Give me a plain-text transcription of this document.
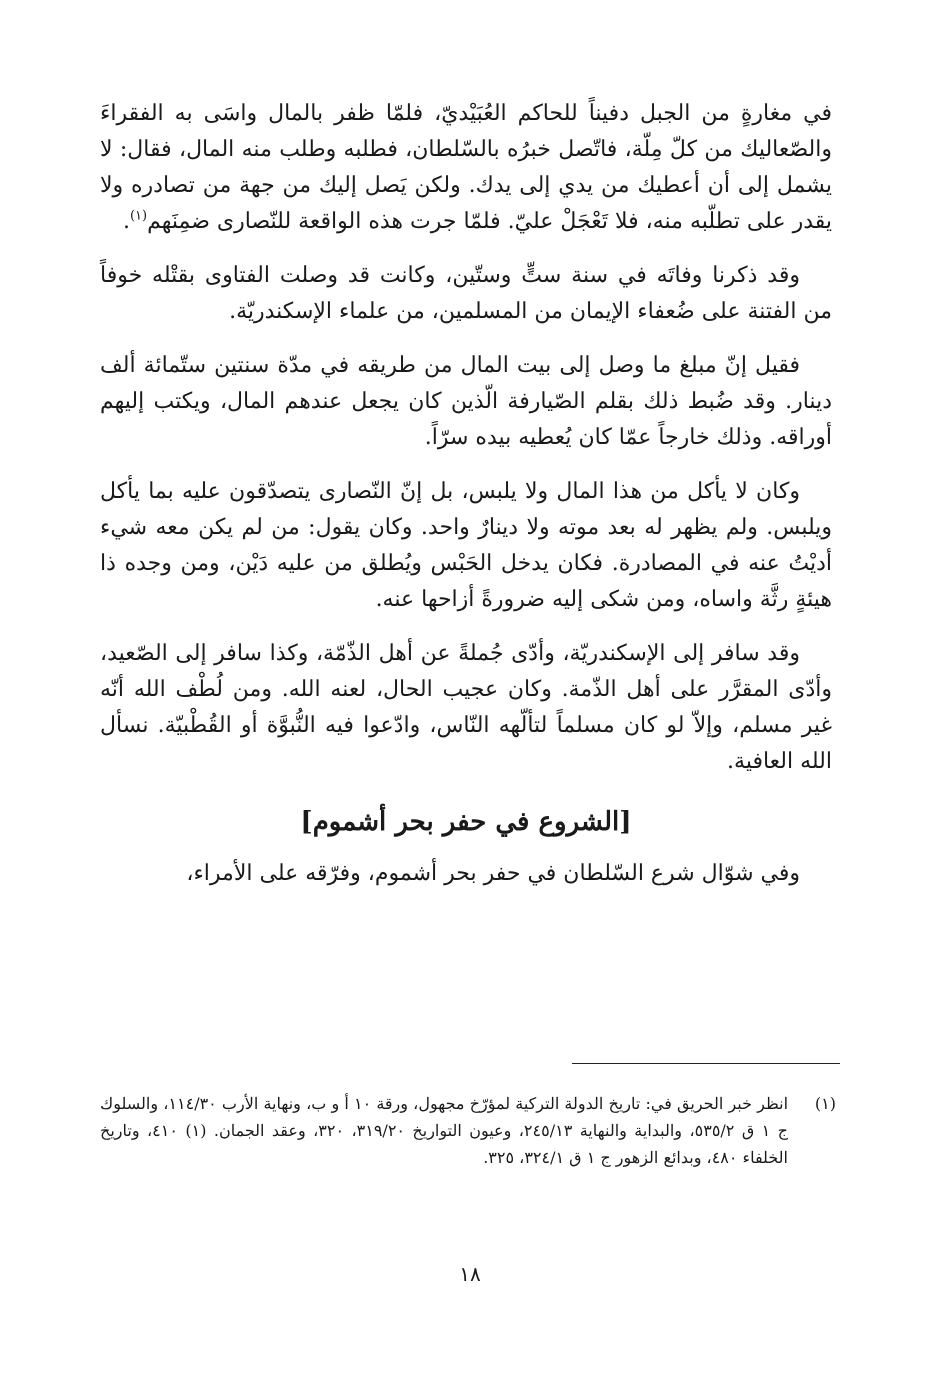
في مغارةٍ من الجبل دفيناً للحاكم العُبَيْديّ، فلمّا ظفر بالمال واسَى به الفقراءَ والصّعاليك من كلّ مِلّة، فاتّصل خبرُه بالسّلطان، فطلبه وطلب منه المال، فقال: لا يشمل إلى أن أعطيك من يدي إلى يدك. ولكن يَصل إليك من جهة من تصادره ولا يقدر على تطلّبه منه، فلا تَعْجَلْ عليّ. فلمّا جرت هذه الواقعة للنّصارى ضمِنَهم$^{(١)}$.

وقد ذكرنا وفاتَه في سنة ستٍّ وستّين، وكانت قد وصلت الفتاوى بقتْله خوفاً من الفتنة على ضُعفاء الإيمان من المسلمين، من علماء الإسكندريّة.

فقيل إنّ مبلغ ما وصل إلى بيت المال من طريقه في مدّة سنتين ستّمائة ألف دينار. وقد ضُبط ذلك بقلم الصّيارفة الّذين كان يجعل عندهم المال، ويكتب إليهم أوراقه. وذلك خارجاً عمّا كان يُعطيه بيده سرّاً.

وكان لا يأكل من هذا المال ولا يلبس، بل إنّ النّصارى يتصدّقون عليه بما يأكل ويلبس. ولم يظهر له بعد موته ولا دينارٌ واحد. وكان يقول: من لم يكن معه شيء أديْتُ عنه في المصادرة. فكان يدخل الحَبْس ويُطلق من عليه دَيْن، ومن وجده ذا هيئةٍ رثَّة واساه، ومن شكى إليه ضرورةً أزاحها عنه.

وقد سافر إلى الإسكندريّة، وأدّى جُملةً عن أهل الذّمّة، وكذا سافر إلى الصّعيد، وأدّى المقرَّر على أهل الذّمة. وكان عجيب الحال، لعنه الله. ومن لُطْف الله أنّه غير مسلم، وإلاّ لو كان مسلماً لتألّهه النّاس، وادّعوا فيه النُّبوَّة أو القُطْبيّة. نسأل الله العافية.

[الشروع في حفر بحر أشموم]

وفي شوّال شرع السّلطان في حفر بحر أشموم، وفرّقه على الأمراء،

(١)
انظر خبر الحريق في: تاريخ الدولة التركية لمؤرّخ مجهول، ورقة ١٠ أ و ب، ونهاية الأرب ١١٤/٣٠، والسلوك ج ١ ق ٥٣٥/٢، والبداية والنهاية ٢٤٥/١٣، وعيون التواريخ ٣١٩/٢٠، ٣٢٠، وعقد الجمان. (١) ٤١٠، وتاريخ الخلفاء ٤٨٠، وبدائع الزهور ج ١ ق ٣٢٤/١، ٣٢٥.
١٨
